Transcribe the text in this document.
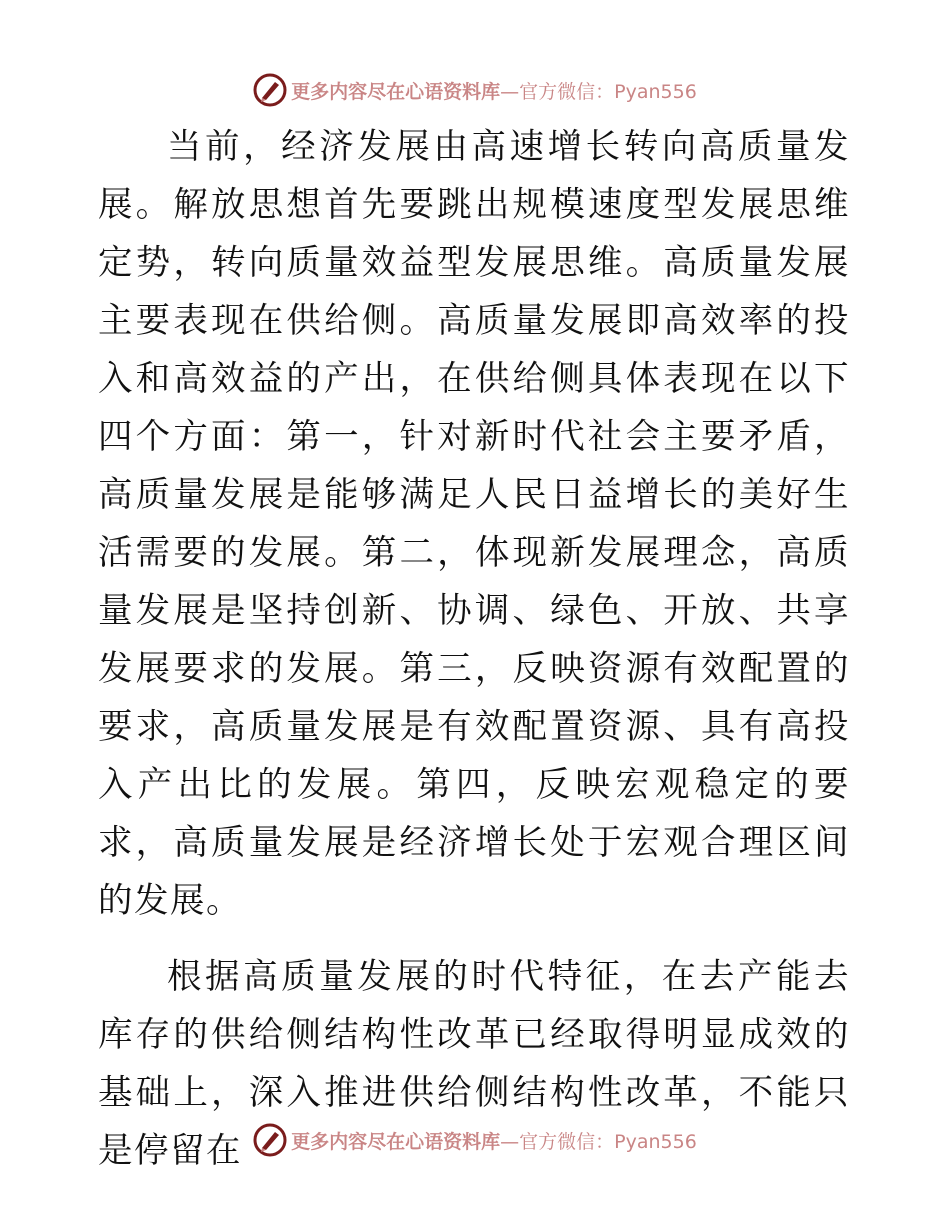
更多内容尽在心语资料库 —官方微信：Pyan556

当前，经济发展由高速增长转向高质量发展。解放思想首先要跳出规模速度型发展思维定势，转向质量效益型发展思维。高质量发展主要表现在供给侧。高质量发展即高效率的投入和高效益的产出，在供给侧具体表现在以下四个方面：第一，针对新时代社会主要矛盾，高质量发展是能够满足人民日益增长的美好生活需要的发展。第二，体现新发展理念，高质量发展是坚持创新、协调、绿色、开放、共享发展要求的发展。第三，反映资源有效配置的要求，高质量发展是有效配置资源、具有高投入产出比的发展。第四，反映宏观稳定的要求，高质量发展是经济增长处于宏观合理区间的发展。

根据高质量发展的时代特征，在去产能去库存的供给侧结构性改革已经取得明显成效的基础上，深入推进供给侧结构性改革，不能只是停留在	更多内容尽在心语资料库 —官方微信：Pyan556
